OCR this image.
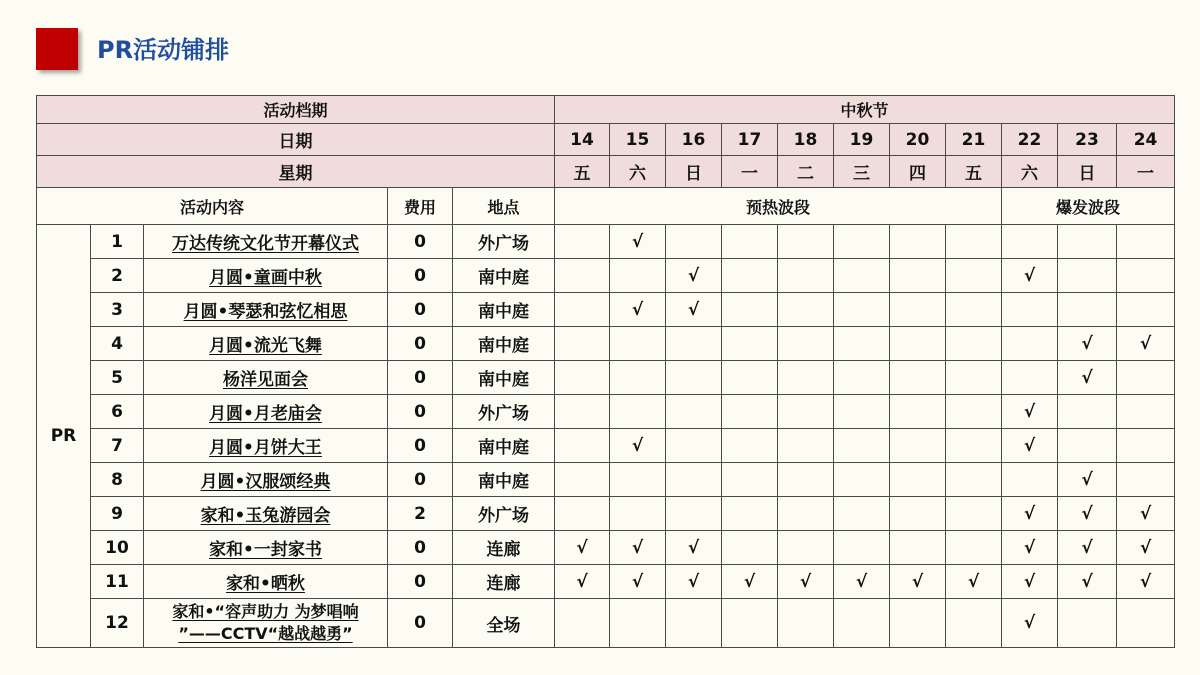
PR活动铺排
活动档期					中秋节										
日期					14	15	16	17	18	19	20	21	22	23	24
星期					五	六	日	一	二	三	四	五	六	日	一
活动内容			费用	地点	预热波段								爆发波段		
PR	1	万达传统文化节开幕仪式	0	外广场		√									
	2	月圆•童画中秋	0	南中庭			√						√		
	3	月圆•琴瑟和弦忆相思	0	南中庭		√	√								
	4	月圆•流光飞舞	0	南中庭										√	√
	5	杨洋见面会	0	南中庭										√	
	6	月圆•月老庙会	0	外广场									√		
	7	月圆•月饼大王	0	南中庭		√							√		
	8	月圆•汉服颂经典	0	南中庭										√	
	9	家和•玉兔游园会	2	外广场									√	√	√
	10	家和•一封家书	0	连廊	√	√	√						√	√	√
	11	家和•晒秋	0	连廊	√	√	√	√	√	√	√	√	√	√	√
	12	家和•“容声助力 为梦唱响
”——CCTV“越战越勇”	0	全场									√		
